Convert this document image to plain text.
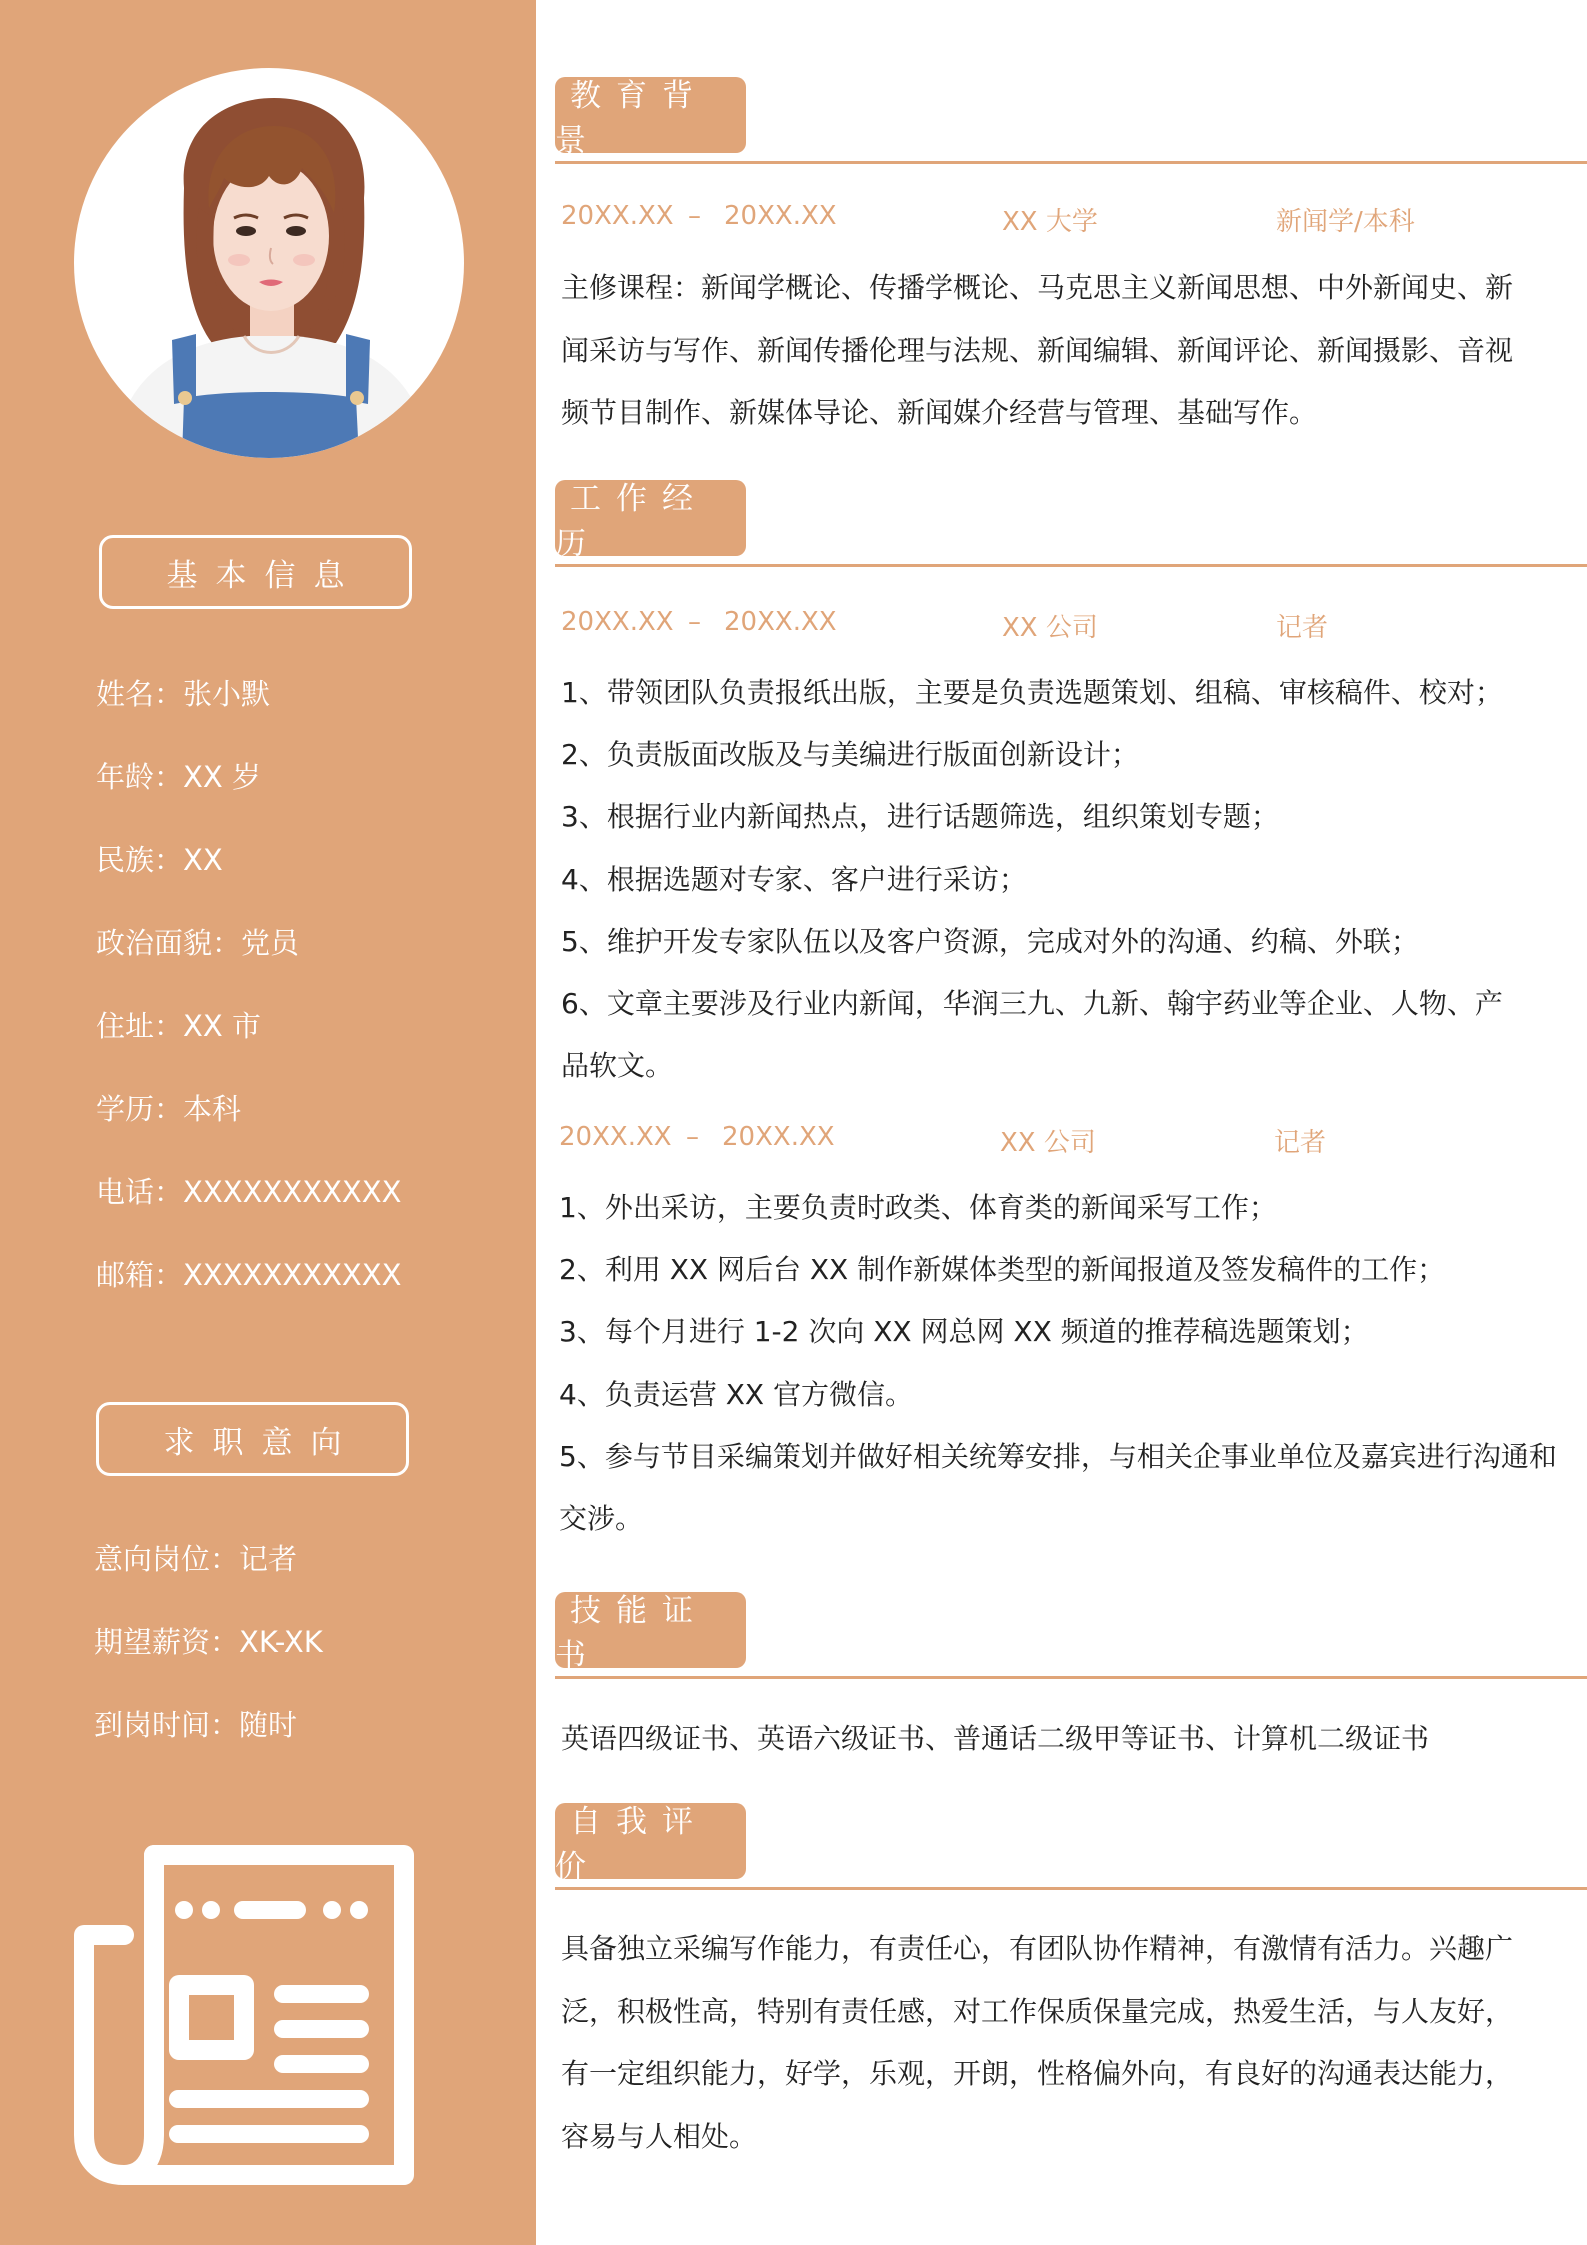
基本信息
姓名：张小默
年龄：XX 岁
民族：XX
政治面貌：党员
住址：XX 市
学历：本科
电话：XXXXXXXXXXX
邮箱：XXXXXXXXXXX
求职意向
意向岗位：记者
期望薪资：XK-XK
到岗时间：随时
教育背景
20XX.XX – 20XX.XX	XX 大学	新闻学/本科
主修课程：新闻学概论、传播学概论、马克思主义新闻思想、中外新闻史、新
闻采访与写作、新闻传播伦理与法规、新闻编辑、新闻评论、新闻摄影、音视
频节目制作、新媒体导论、新闻媒介经营与管理、基础写作。
工作经历
20XX.XX – 20XX.XX	XX 公司	记者
1、带领团队负责报纸出版，主要是负责选题策划、组稿、审核稿件、校对；
2、负责版面改版及与美编进行版面创新设计；
3、根据行业内新闻热点，进行话题筛选，组织策划专题；
4、根据选题对专家、客户进行采访；
5、维护开发专家队伍以及客户资源，完成对外的沟通、约稿、外联；
6、文章主要涉及行业内新闻，华润三九、九新、翰宇药业等企业、人物、产
品软文。
20XX.XX – 20XX.XX	XX 公司	记者
1、外出采访，主要负责时政类、体育类的新闻采写工作；
2、利用 XX 网后台 XX 制作新媒体类型的新闻报道及签发稿件的工作；
3、每个月进行 1-2 次向 XX 网总网 XX 频道的推荐稿选题策划；
4、负责运营 XX 官方微信。
5、参与节目采编策划并做好相关统筹安排，与相关企事业单位及嘉宾进行沟通和
交涉。
技能证书
英语四级证书、英语六级证书、普通话二级甲等证书、计算机二级证书
自我评价
具备独立采编写作能力，有责任心，有团队协作精神，有激情有活力。兴趣广
泛，积极性高，特别有责任感，对工作保质保量完成，热爱生活，与人友好，
有一定组织能力，好学，乐观，开朗，性格偏外向，有良好的沟通表达能力，
容易与人相处。
